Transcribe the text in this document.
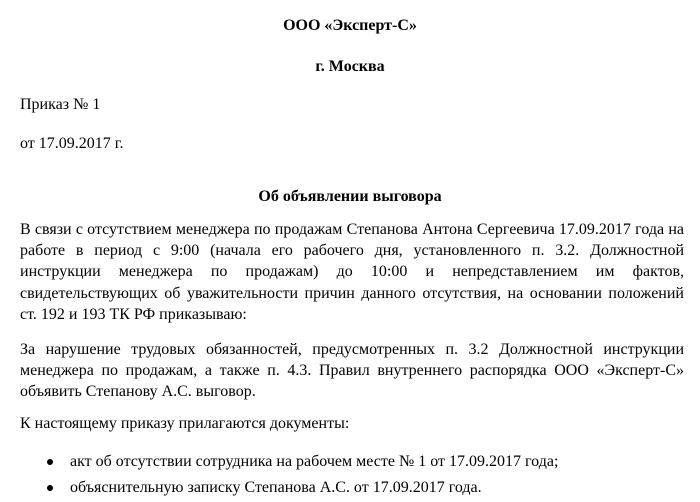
ООО «Эксперт-С»
г. Москва
Приказ № 1
от 17.09.2017 г.
Об объявлении выговора
В связи с отсутствием менеджера по продажам Степанова Антона Сергеевича 17.09.2017 года на работе в период с 9:00 (начала его рабочего дня, установленного п. 3.2. Должностной инструкции менеджера по продажам) до 10:00 и непредставлением им фактов, свидетельствующих об уважительности причин данного отсутствия, на основании положений ст. 192 и 193 ТК РФ приказываю:
За нарушение трудовых обязанностей, предусмотренных п. 3.2 Должностной инструкции менеджера по продажам, а также п. 4.3. Правил внутреннего распорядка ООО «Эксперт-С» объявить Степанову А.С. выговор.
К настоящему приказу прилагаются документы:
акт об отсутствии сотрудника на рабочем месте № 1 от 17.09.2017 года;
объяснительную записку Степанова А.С. от 17.09.2017 года.
